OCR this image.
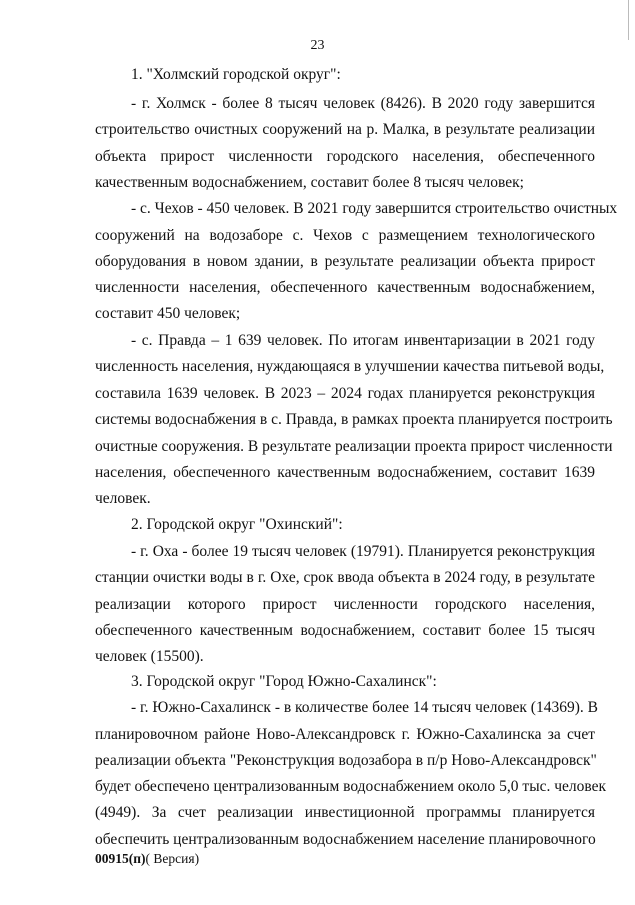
23
1. "Холмский городской округ":
- г. Холмск - более 8 тысяч человек (8426). В 2020 году завершится
строительство очистных сооружений на р. Малка, в результате реализации
объекта прирост численности городского населения, обеспеченного
качественным водоснабжением, составит более 8 тысяч человек;
- с. Чехов - 450 человек. В 2021 году завершится строительство очистных
сооружений на водозаборе с. Чехов с размещением технологического
оборудования в новом здании, в результате реализации объекта прирост
численности населения, обеспеченного качественным водоснабжением,
составит 450 человек;
- с. Правда – 1 639 человек. По итогам инвентаризации в 2021 году
численность населения, нуждающаяся в улучшении качества питьевой воды,
составила 1639 человек. В 2023 – 2024 годах планируется реконструкция
системы водоснабжения в с. Правда, в рамках проекта планируется построить
очистные сооружения. В результате реализации проекта прирост численности
населения, обеспеченного качественным водоснабжением, составит 1639
человек.
2. Городской округ "Охинский":
- г. Оха - более 19 тысяч человек (19791). Планируется реконструкция
станции очистки воды в г. Охе, срок ввода объекта в 2024 году, в результате
реализации которого прирост численности городского населения,
обеспеченного качественным водоснабжением, составит более 15 тысяч
человек (15500).
3. Городской округ "Город Южно-Сахалинск":
- г. Южно-Сахалинск - в количестве более 14 тысяч человек (14369). В
планировочном районе Ново-Александровск г. Южно-Сахалинска за счет
реализации объекта "Реконструкция водозабора в п/р Ново-Александровск"
будет обеспечено централизованным водоснабжением около 5,0 тыс. человек
(4949). За счет реализации инвестиционной программы планируется
обеспечить централизованным водоснабжением население планировочного
00915(п)( Версия)
